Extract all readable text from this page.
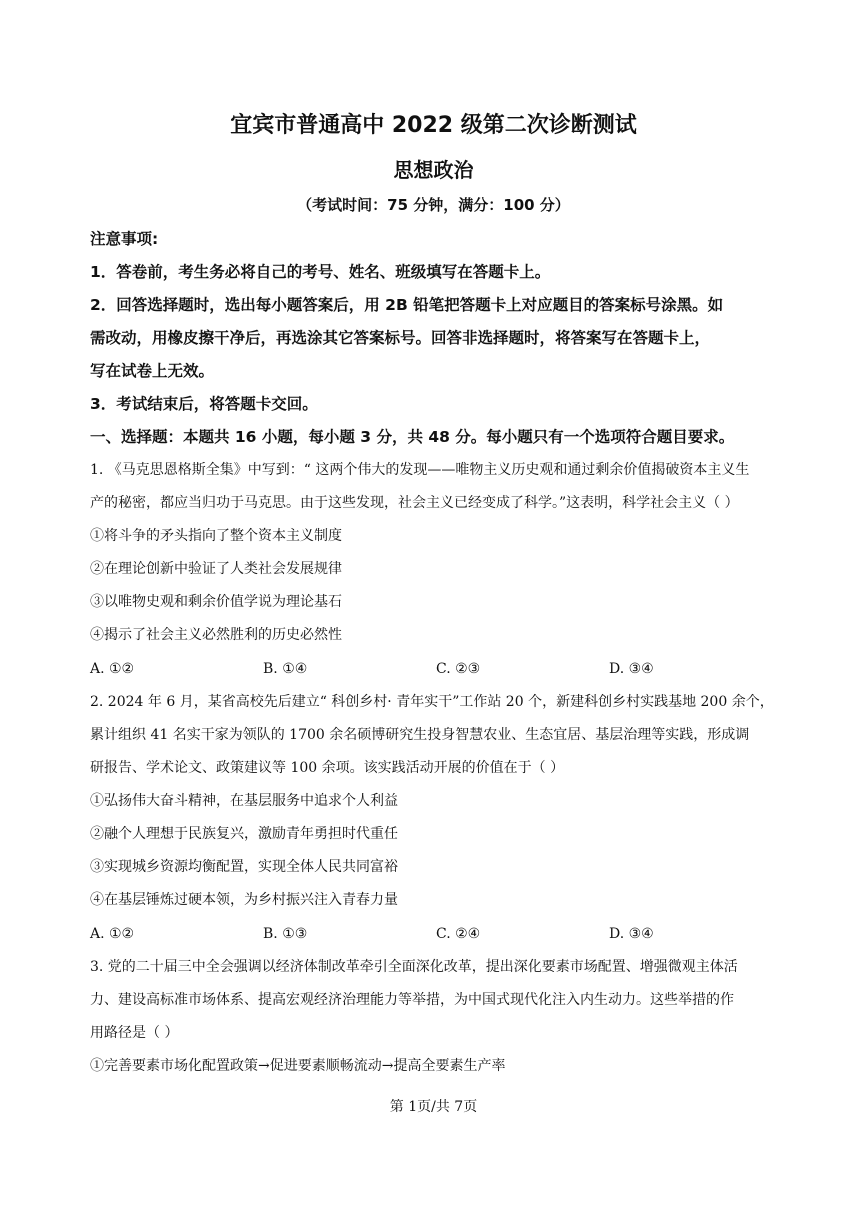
宜宾市普通高中 2022 级第二次诊断测试
思想政治
（考试时间：75 分钟，满分：100 分）
注意事项:
1．答卷前，考生务必将自己的考号、姓名、班级填写在答题卡上。
2．回答选择题时，选出每小题答案后，用 2B 铅笔把答题卡上对应题目的答案标号涂黑。如
需改动，用橡皮擦干净后，再选涂其它答案标号。回答非选择题时，将答案写在答题卡上，
写在试卷上无效。
3．考试结束后，将答题卡交回。
一、选择题：本题共 16 小题，每小题 3 分，共 48 分。每小题只有一个选项符合题目要求。
1. 《马克思恩格斯全集》中写到：“ 这两个伟大的发现——唯物主义历史观和通过剩余价值揭破资本主义生
产的秘密，都应当归功于马克思。由于这些发现，社会主义已经变成了科学。”这表明，科学社会主义（ ）
①将斗争的矛头指向了整个资本主义制度
②在理论创新中验证了人类社会发展规律
③以唯物史观和剩余价值学说为理论基石
④揭示了社会主义必然胜利的历史必然性
A. ①②	B. ①④	C. ②③	D. ③④
2. 2024 年 6 月，某省高校先后建立“ 科创乡村· 青年实干”工作站 20 个，新建科创乡村实践基地 200 余个，
累计组织 41 名实干家为领队的 1700 余名硕博研究生投身智慧农业、生态宜居、基层治理等实践，形成调
研报告、学术论文、政策建议等 100 余项。该实践活动开展的价值在于（ ）
①弘扬伟大奋斗精神，在基层服务中追求个人利益
②融个人理想于民族复兴，激励青年勇担时代重任
③实现城乡资源均衡配置，实现全体人民共同富裕
④在基层锤炼过硬本领，为乡村振兴注入青春力量
A. ①②	B. ①③	C. ②④	D. ③④
3. 党的二十届三中全会强调以经济体制改革牵引全面深化改革，提出深化要素市场配置、增强微观主体活
力、建设高标准市场体系、提高宏观经济治理能力等举措，为中国式现代化注入内生动力。这些举措的作
用路径是（ ）
①完善要素市场化配置政策→促进要素顺畅流动→提高全要素生产率
第 1页/共 7页
